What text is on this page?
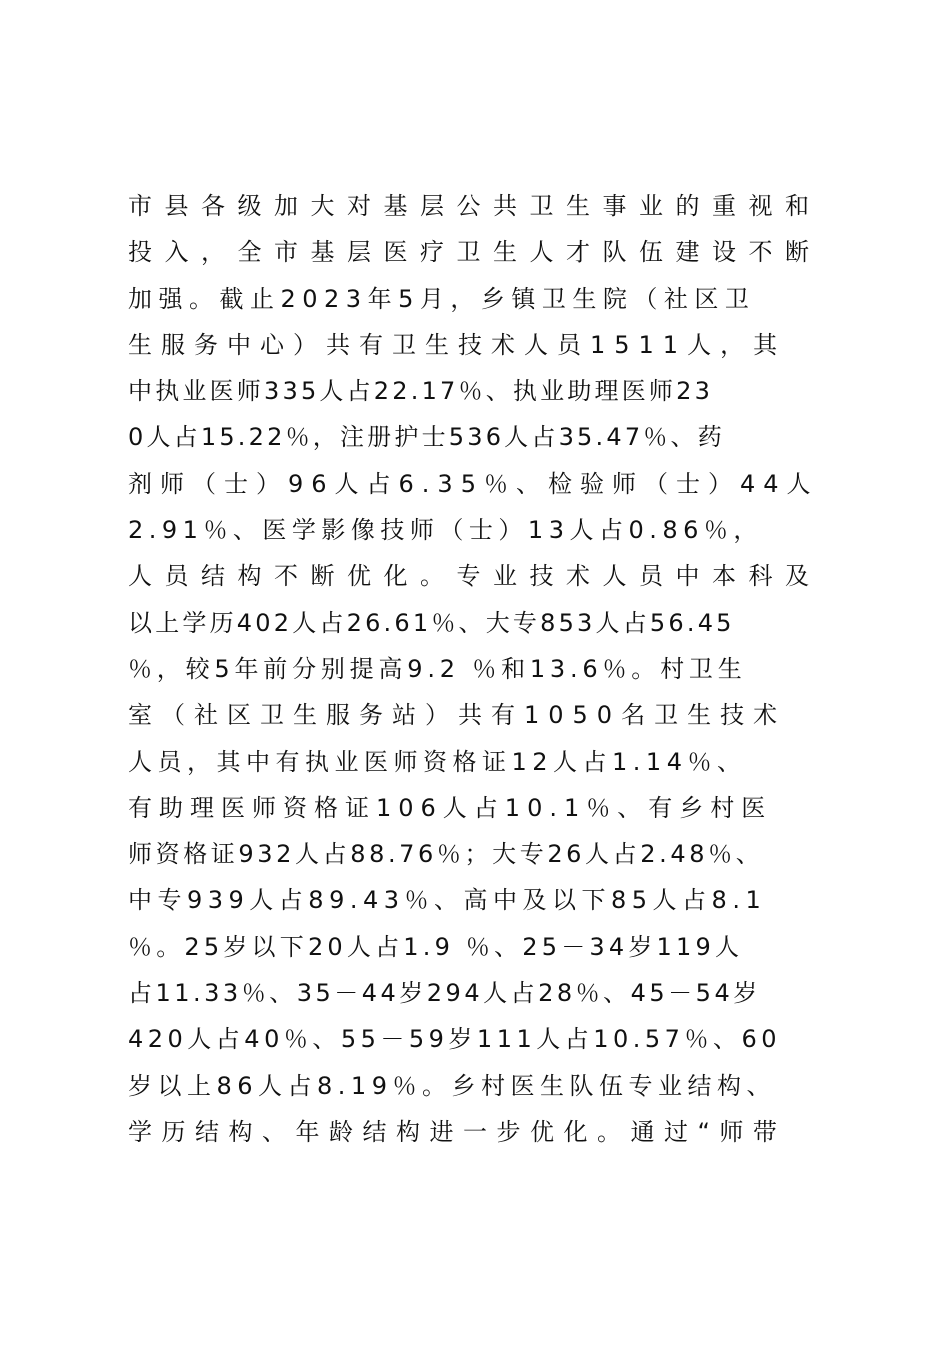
市县各级加大对基层公共卫生事业的重视和
投入，全市基层医疗卫生人才队伍建设不断
加强。截止2023年5月，乡镇卫生院（社区卫
生服务中心）共有卫生技术人员1511人，其
中执业医师335人占22.17％、执业助理医师23
0人占15.22％，注册护士536人占35.47％、药
剂师（士）96人占6.35％、检验师（士）44人
2.91％、医学影像技师（士）13人占0.86％，
人员结构不断优化。专业技术人员中本科及
以上学历402人占26.61％、大专853人占56.45
％，较5年前分别提高9.2 ％和13.6％。村卫生
室（社区卫生服务站）共有1050名卫生技术
人员，其中有执业医师资格证12人占1.14％、
有助理医师资格证106人占10.1％、有乡村医
师资格证932人占88.76％；大专26人占2.48％、
中专939人占89.43％、高中及以下85人占8.1
％。25岁以下20人占1.9 ％、25－34岁119人
占11.33％、35－44岁294人占28％、45－54岁
420人占40％、55－59岁111人占10.57％、60
岁以上86人占8.19％。乡村医生队伍专业结构、
学历结构、年龄结构进一步优化。通过“师带
